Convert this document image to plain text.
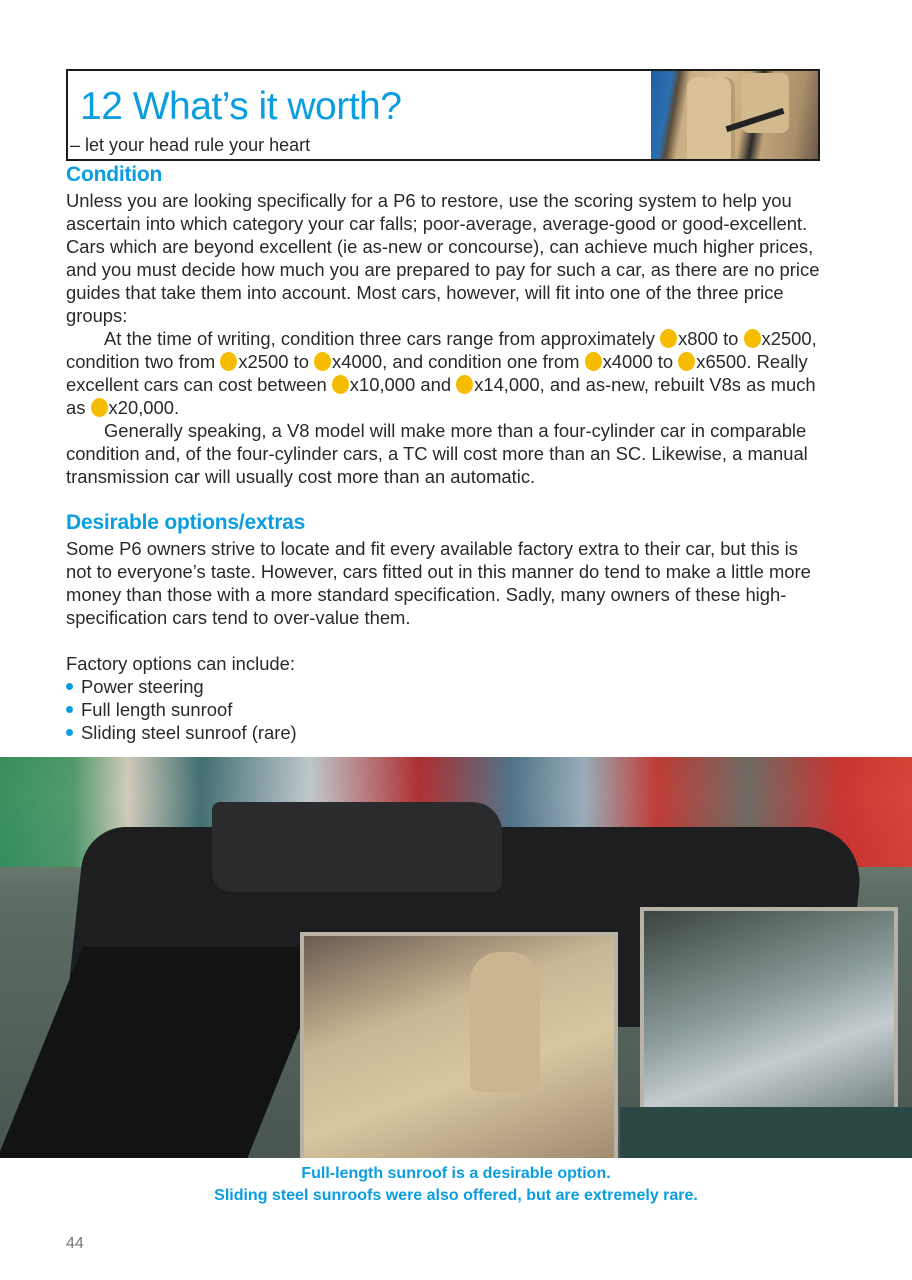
12 What’s it worth?
– let your head rule your heart
Condition

Unless you are looking specifically for a P6 to restore, use the scoring system to help you ascertain into which category your car falls; poor-average, average-good or good-excellent. Cars which are beyond excellent (ie as-new or concourse), can achieve much higher prices, and you must decide how much you are prepared to pay for such a car, as there are no price guides that take them into account. Most cars, however, will fit into one of the three price groups:

At the time of writing, condition three cars range from approximately x800 to x2500, condition two from x2500 to x4000, and condition one from x4000 to x6500. Really excellent cars can cost between x10,000 and x14,000, and as-new, rebuilt V8s as much as x20,000.

Generally speaking, a V8 model will make more than a four-cylinder car in comparable condition and, of the four-cylinder cars, a TC will cost more than an SC. Likewise, a manual transmission car will usually cost more than an automatic.

Desirable options/extras

Some P6 owners strive to locate and fit every available factory extra to their car, but this is not to everyone’s taste. However, cars fitted out in this manner do tend to make a little more money than those with a more standard specification. Sadly, many owners of these high-specification cars tend to over-value them.

Factory options can include:

Power steering
Full length sunroof
Sliding steel sunroof (rare)
Full-length sunroof is a desirable option.
Sliding steel sunroofs were also offered, but are extremely rare.
44
